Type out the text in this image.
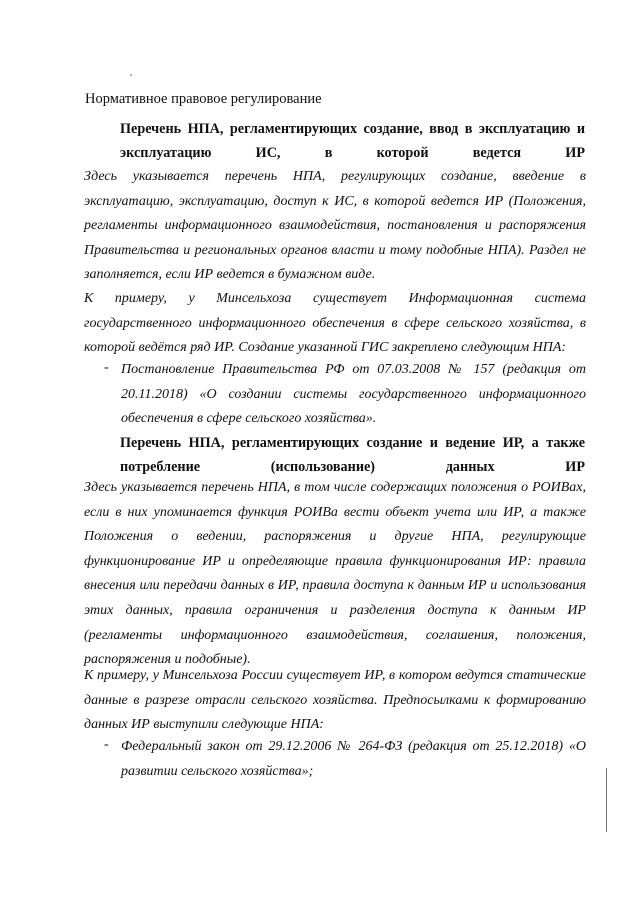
Нормативное правовое регулирование
Перечень НПА, регламентирующих создание, ввод в эксплуатацию и эксплуатацию ИС, в которой ведется ИР
Здесь указывается перечень НПА, регулирующих создание, введение в эксплуатацию, эксплуатацию, доступ к ИС, в которой ведется ИР (Положения, регламенты информационного взаимодействия, постановления и распоряжения Правительства и региональных органов власти и тому подобные НПА). Раздел не заполняется, если ИР ведется в бумажном виде.
К примеру, у Минсельхоза существует Информационная система государственного информационного обеспечения в сфере сельского хозяйства, в которой ведётся ряд ИР. Создание указанной ГИС закреплено следующим НПА:
- Постановление Правительства РФ от 07.03.2008 № 157 (редакция от 20.11.2018) «О создании системы государственного информационного обеспечения в сфере сельского хозяйства».
Перечень НПА, регламентирующих создание и ведение ИР, а также потребление (использование) данных ИР
Здесь указывается перечень НПА, в том числе содержащих положения о РОИВах, если в них упоминается функция РОИВа вести объект учета или ИР, а также Положения о ведении, распоряжения и другие НПА, регулирующие функционирование ИР и определяющие правила функционирования ИР: правила внесения или передачи данных в ИР, правила доступа к данным ИР и использования этих данных, правила ограничения и разделения доступа к данным ИР (регламенты информационного взаимодействия, соглашения, положения, распоряжения и подобные).
К примеру, у Минсельхоза России существует ИР, в котором ведутся статические данные в разрезе отрасли сельского хозяйства. Предпосылками к формированию данных ИР выступили следующие НПА:
- Федеральный закон от 29.12.2006 № 264-ФЗ (редакция от 25.12.2018) «О развитии сельского хозяйства»;
